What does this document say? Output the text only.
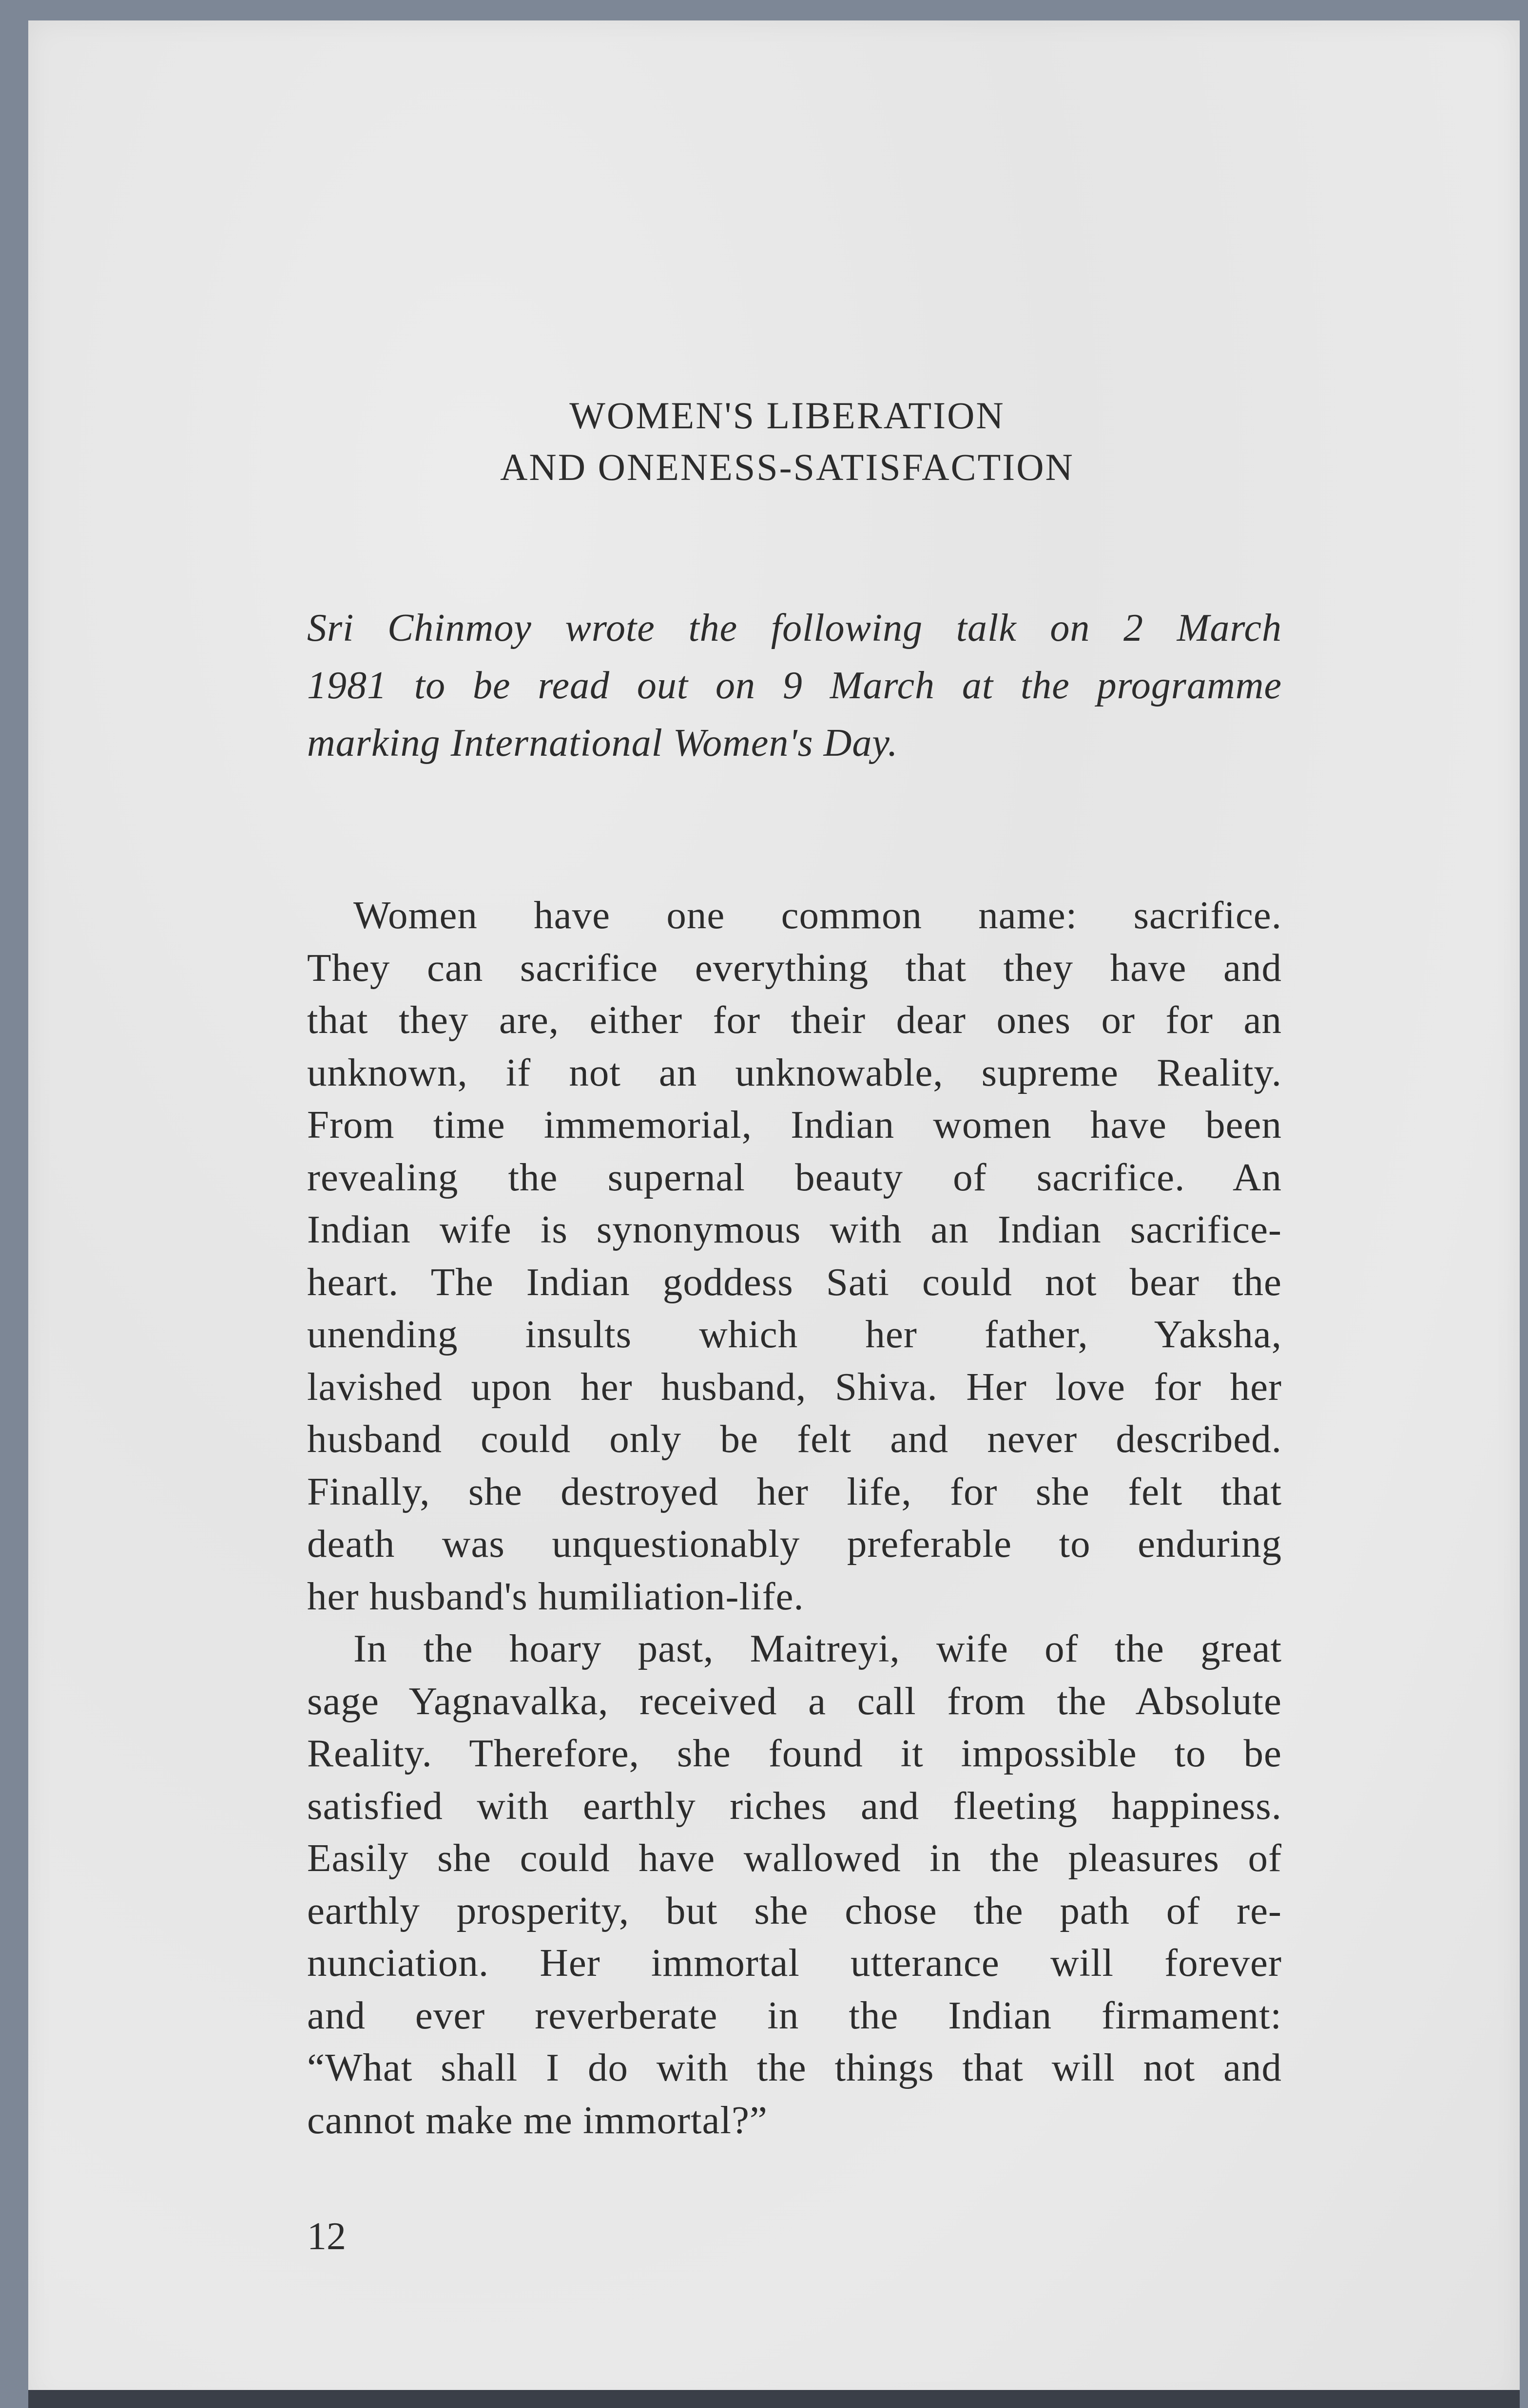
WOMEN'S LIBERATION
AND ONENESS-SATISFACTION
Sri Chinmoy wrote the following talk on 2 March
1981 to be read out on 9 March at the programme
marking International Women's Day.
Women have one common name: sacrifice.
They can sacrifice everything that they have and
that they are, either for their dear ones or for an
unknown, if not an unknowable, supreme Reality.
From time immemorial, Indian women have been
revealing the supernal beauty of sacrifice. An
Indian wife is synonymous with an Indian sacrifice-
heart. The Indian goddess Sati could not bear the
unending insults which her father, Yaksha,
lavished upon her husband, Shiva. Her love for her
husband could only be felt and never described.
Finally, she destroyed her life, for she felt that
death was unquestionably preferable to enduring
her husband's humiliation-life.
In the hoary past, Maitreyi, wife of the great
sage Yagnavalka, received a call from the Absolute
Reality. Therefore, she found it impossible to be
satisfied with earthly riches and fleeting happiness.
Easily she could have wallowed in the pleasures of
earthly prosperity, but she chose the path of re-
nunciation. Her immortal utterance will forever
and ever reverberate in the Indian firmament:
“What shall I do with the things that will not and
cannot make me immortal?”
12
